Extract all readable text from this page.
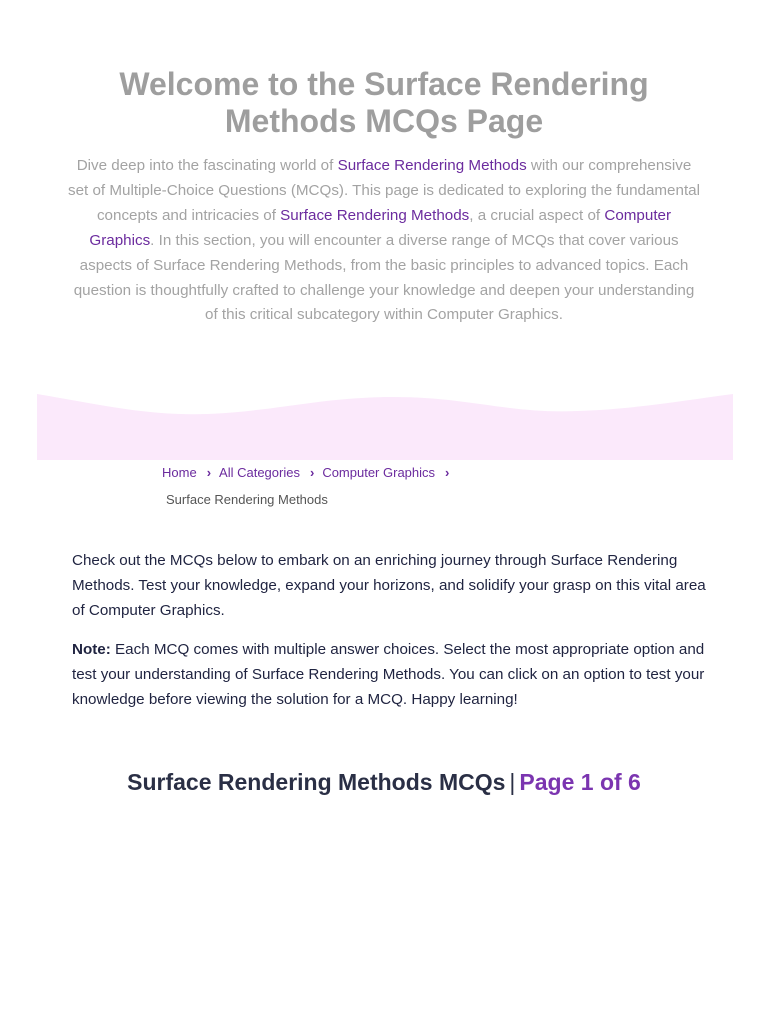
Welcome to the Surface Rendering Methods MCQs Page

Dive deep into the fascinating world of Surface Rendering Methods with our comprehensive set of Multiple-Choice Questions (MCQs). This page is dedicated to exploring the fundamental concepts and intricacies of Surface Rendering Methods, a crucial aspect of Computer Graphics. In this section, you will encounter a diverse range of MCQs that cover various aspects of Surface Rendering Methods, from the basic principles to advanced topics. Each question is thoughtfully crafted to challenge your knowledge and deepen your understanding of this critical subcategory within Computer Graphics.

Home › All Categories › Computer Graphics ›
Surface Rendering Methods

Check out the MCQs below to embark on an enriching journey through Surface Rendering Methods. Test your knowledge, expand your horizons, and solidify your grasp on this vital area of Computer Graphics.

Note: Each MCQ comes with multiple answer choices. Select the most appropriate option and test your understanding of Surface Rendering Methods. You can click on an option to test your knowledge before viewing the solution for a MCQ. Happy learning!

Surface Rendering Methods MCQs | Page 1 of 6
